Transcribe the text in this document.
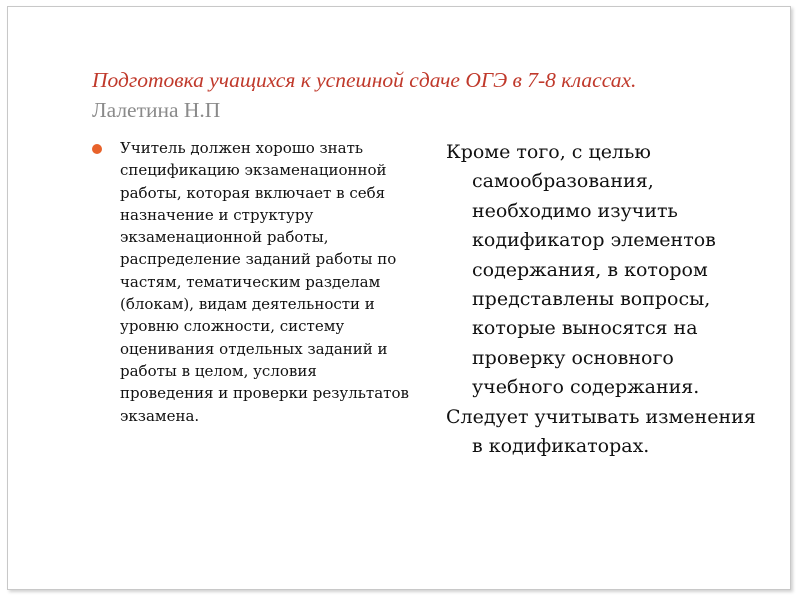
Подготовка учащихся к успешной сдаче ОГЭ в 7-8 классах.
Лалетина Н.П
Учитель должен хорошо знать спецификацию экзаменационной работы, которая включает в себя назначение и структуру экзаменационной работы, распределение заданий работы по частям, тематическим разделам (блокам), видам деятельности и уровню сложности, систему оценивания отдельных заданий и работы в целом, условия проведения и проверки результатов экзамена.
Кроме того, с целью самообразования, необходимо изучить кодификатор элементов содержания, в котором представлены вопросы, которые выносятся на проверку основного учебного содержания.
Следует учитывать изменения в кодификаторах.
